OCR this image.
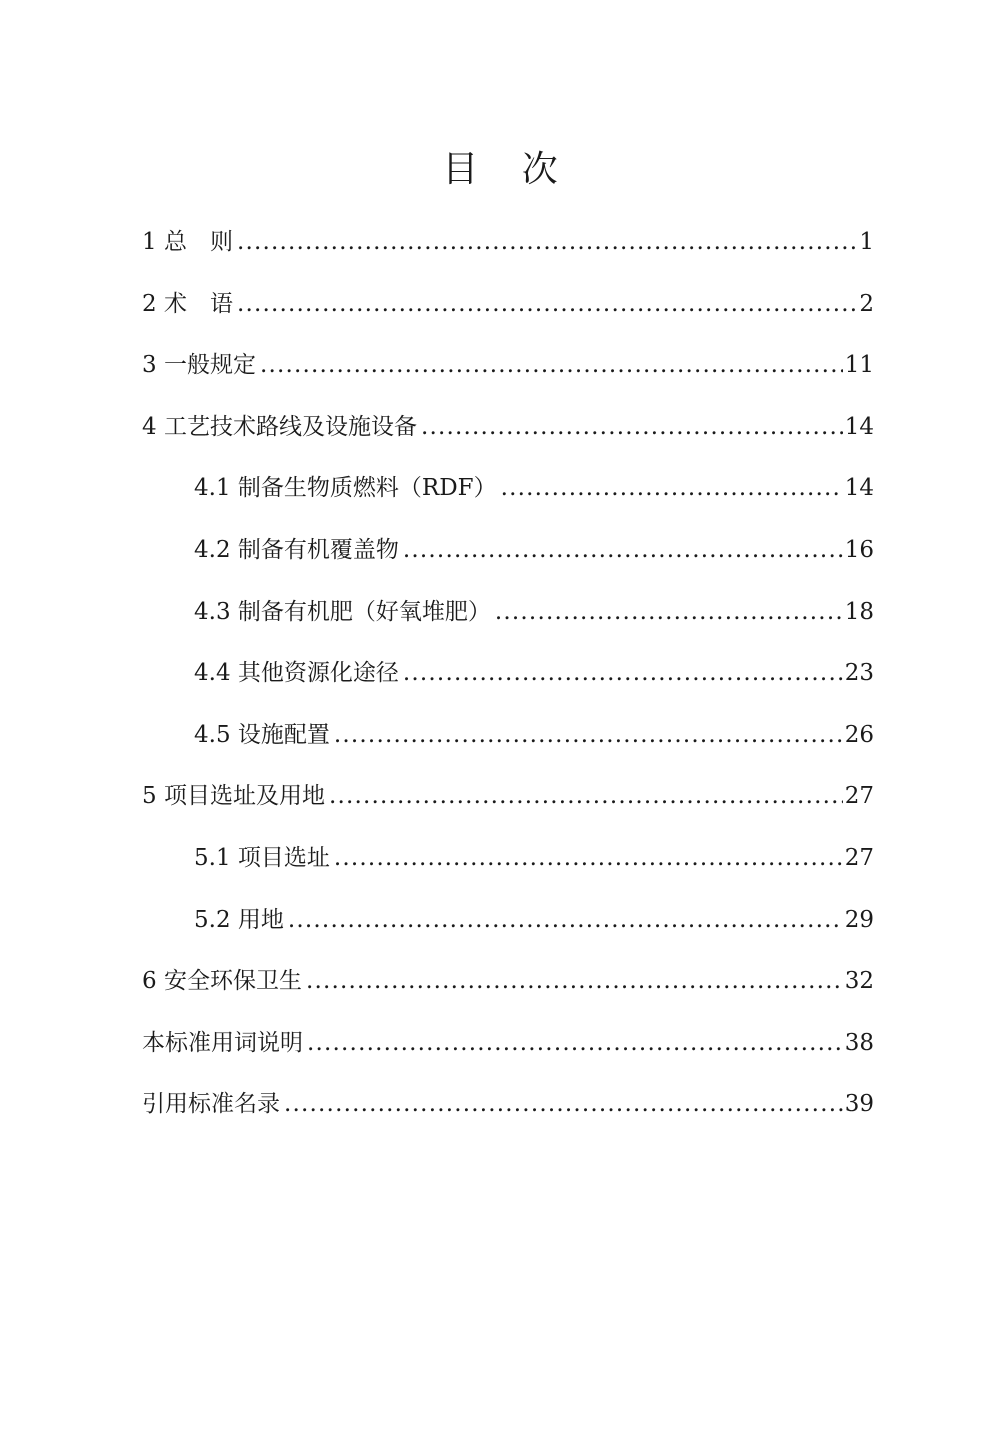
目 次
1 总　则 .....	1
2 术　语 .....	2
3 一般规定 .....	11
4 工艺技术路线及设施设备 .....	14
4.1 制备生物质燃料（RDF） .....	14
4.2 制备有机覆盖物 .....	16
4.3 制备有机肥（好氧堆肥） .....	18
4.4 其他资源化途径 .....	23
4.5 设施配置 .....	26
5 项目选址及用地 .....	27
5.1 项目选址 .....	27
5.2 用地 .....	29
6 安全环保卫生 .....	32
本标准用词说明 .....	38
引用标准名录 .....	39
